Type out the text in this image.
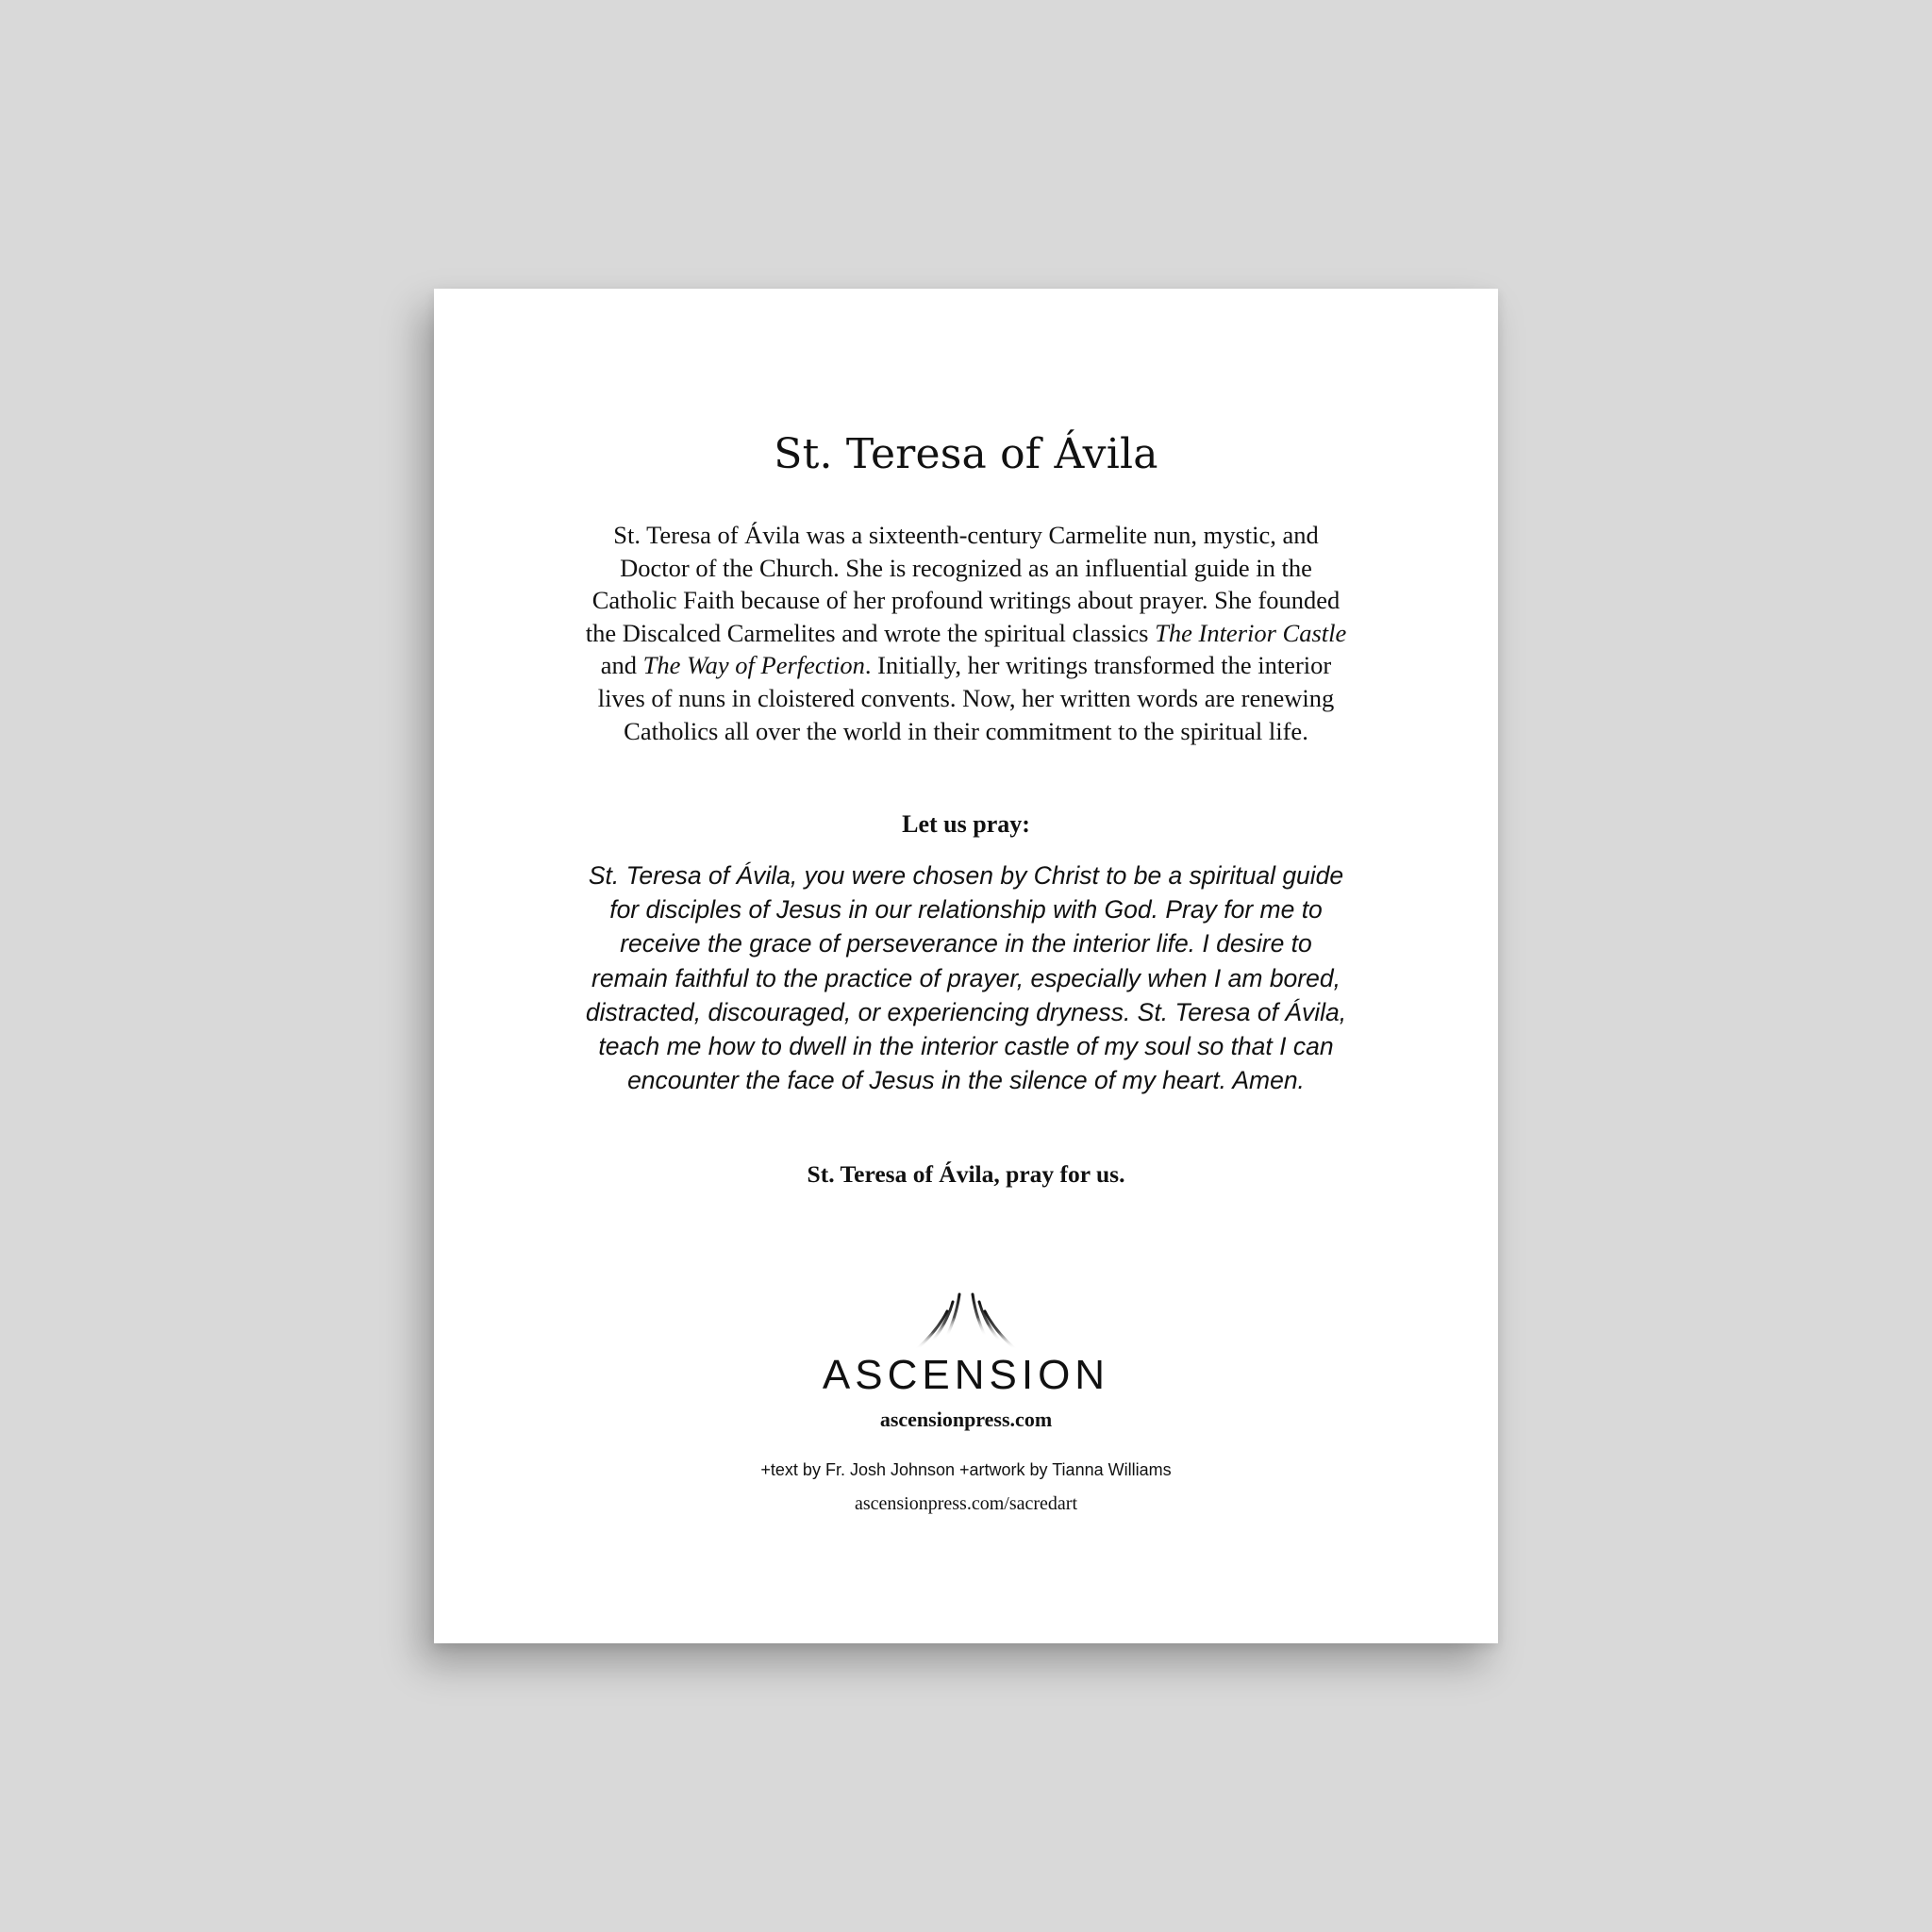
St. Teresa of Ávila

St. Teresa of Ávila was a sixteenth-century Carmelite nun, mystic, and Doctor of the Church. She is recognized as an influential guide in the Catholic Faith because of her profound writings about prayer. She founded the Discalced Carmelites and wrote the spiritual classics The Interior Castle and The Way of Perfection. Initially, her writings transformed the interior lives of nuns in cloistered convents. Now, her written words are renewing Catholics all over the world in their commitment to the spiritual life.

Let us pray:

St. Teresa of Ávila, you were chosen by Christ to be a spiritual guide for disciples of Jesus in our relationship with God. Pray for me to receive the grace of perseverance in the interior life. I desire to remain faithful to the practice of prayer, especially when I am bored, distracted, discouraged, or experiencing dryness. St. Teresa of Ávila, teach me how to dwell in the interior castle of my soul so that I can encounter the face of Jesus in the silence of my heart. Amen.

St. Teresa of Ávila, pray for us.

ASCENSION

ascensionpress.com

+text by Fr. Josh Johnson +artwork by Tianna Williams

ascensionpress.com/sacredart
